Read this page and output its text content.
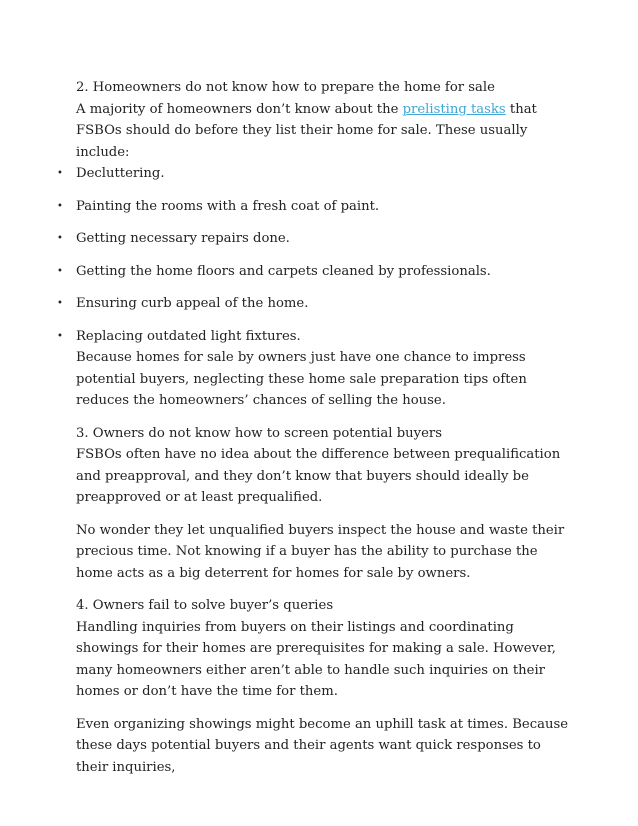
2. Homeowners do not know how to prepare the home for sale

A majority of homeowners don’t know about the prelisting tasks that FSBOs should do before they list their home for sale. These usually include:

• Decluttering.
• Painting the rooms with a fresh coat of paint.
• Getting necessary repairs done.
• Getting the home floors and carpets cleaned by professionals.
• Ensuring curb appeal of the home.
• Replacing outdated light fixtures.

Because homes for sale by owners just have one chance to impress potential buyers, neglecting these home sale preparation tips often reduces the homeowners’ chances of selling the house.

3. Owners do not know how to screen potential buyers

FSBOs often have no idea about the difference between prequalification and preapproval, and they don’t know that buyers should ideally be preapproved or at least prequalified.

No wonder they let unqualified buyers inspect the house and waste their precious time. Not knowing if a buyer has the ability to purchase the home acts as a big deterrent for homes for sale by owners.

4. Owners fail to solve buyer’s queries

Handling inquiries from buyers on their listings and coordinating showings for their homes are prerequisites for making a sale. However, many homeowners either aren’t able to handle such inquiries on their homes or don’t have the time for them.

Even organizing showings might become an uphill task at times. Because these days potential buyers and their agents want quick responses to their inquiries,
